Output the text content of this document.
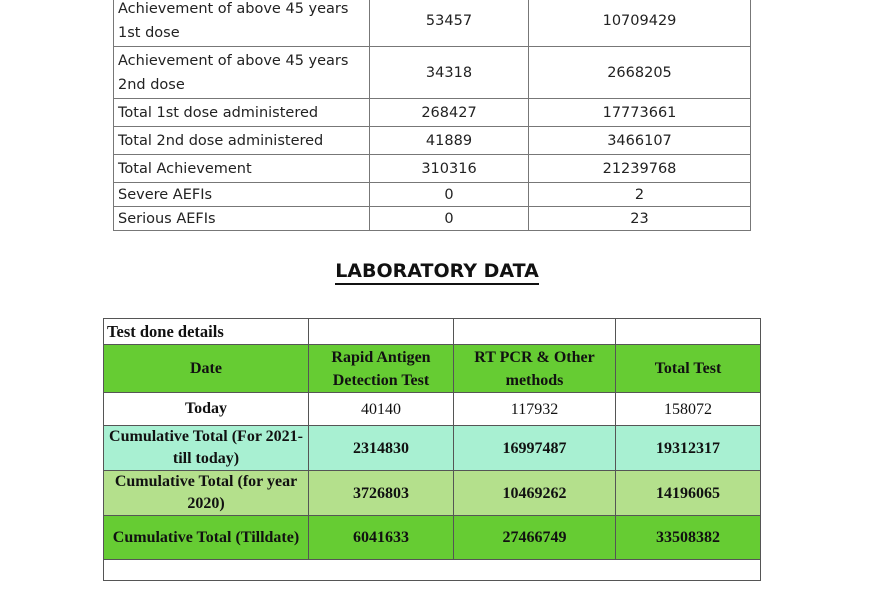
Achievement of above 45 years 1st dose	53457	10709429
Achievement of above 45 years 2nd dose	34318	2668205
Total 1st dose administered	268427	17773661
Total 2nd dose administered	41889	3466107
Total Achievement	310316	21239768
Severe AEFIs	0	2
Serious AEFIs	0	23
LABORATORY DATA
Test done details			
Date	Rapid Antigen Detection Test	RT PCR & Other methods	Total Test
Today	40140	117932	158072
Cumulative Total (For 2021- till today)	2314830	16997487	19312317
Cumulative Total (for year 2020)	3726803	10469262	14196065
Cumulative Total (Tilldate)	6041633	27466749	33508382
